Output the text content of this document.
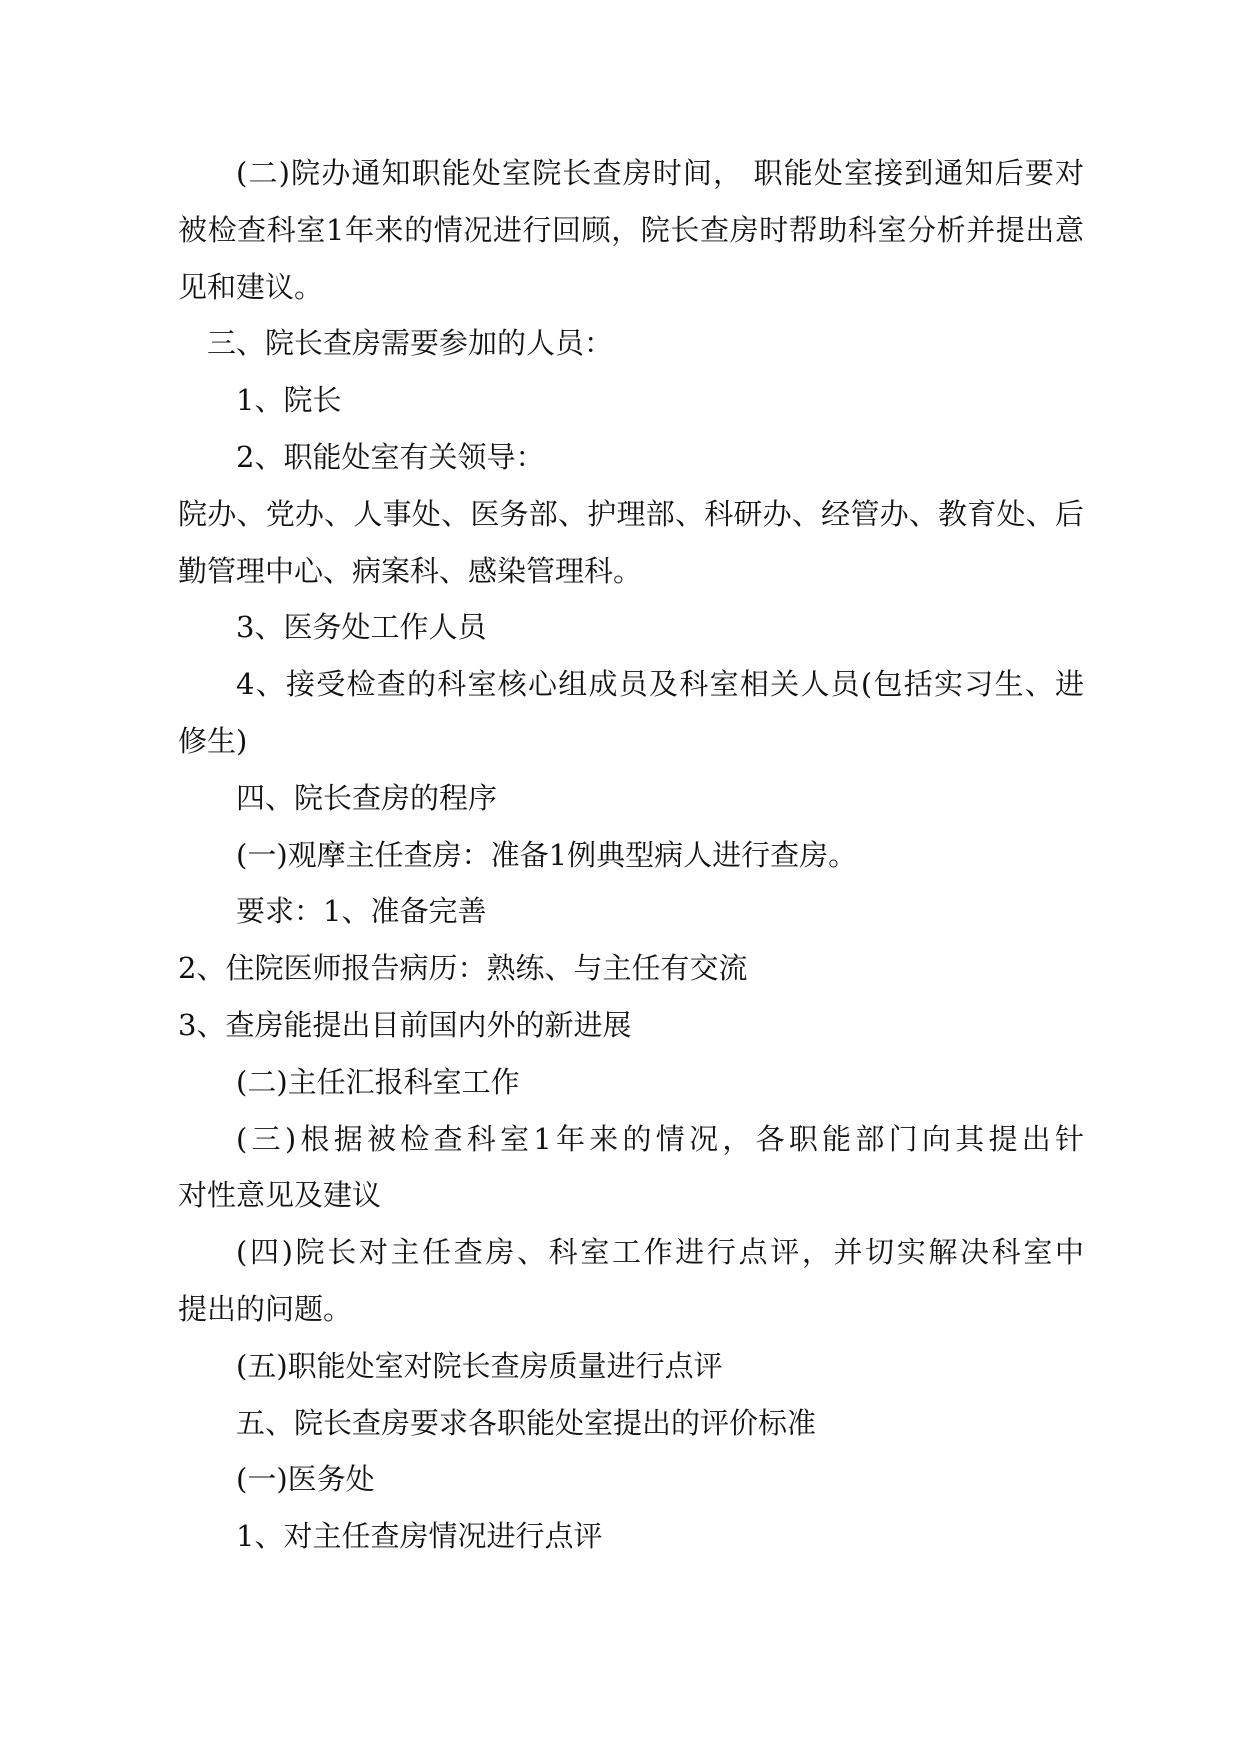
(二)院办通知职能处室院长查房时间， 职能处室接到通知后要对
被检查科室1年来的情况进行回顾，院长查房时帮助科室分析并提出意
见和建议。
三、院长查房需要参加的人员：
1、院长
2、职能处室有关领导：
院办、党办、人事处、医务部、护理部、科研办、经管办、教育处、后
勤管理中心、病案科、感染管理科。
3、医务处工作人员
4、接受检查的科室核心组成员及科室相关人员(包括实习生、进
修生)
四、院长查房的程序
(一)观摩主任查房：准备1例典型病人进行查房。
要求：1、准备完善
2、住院医师报告病历：熟练、与主任有交流
3、查房能提出目前国内外的新进展
(二)主任汇报科室工作
(三)根据被检查科室1年来的情况，各职能部门向其提出针
对性意见及建议
(四)院长对主任查房、科室工作进行点评，并切实解决科室中
提出的问题。
(五)职能处室对院长查房质量进行点评
五、院长查房要求各职能处室提出的评价标准
(一)医务处
1、对主任查房情况进行点评
